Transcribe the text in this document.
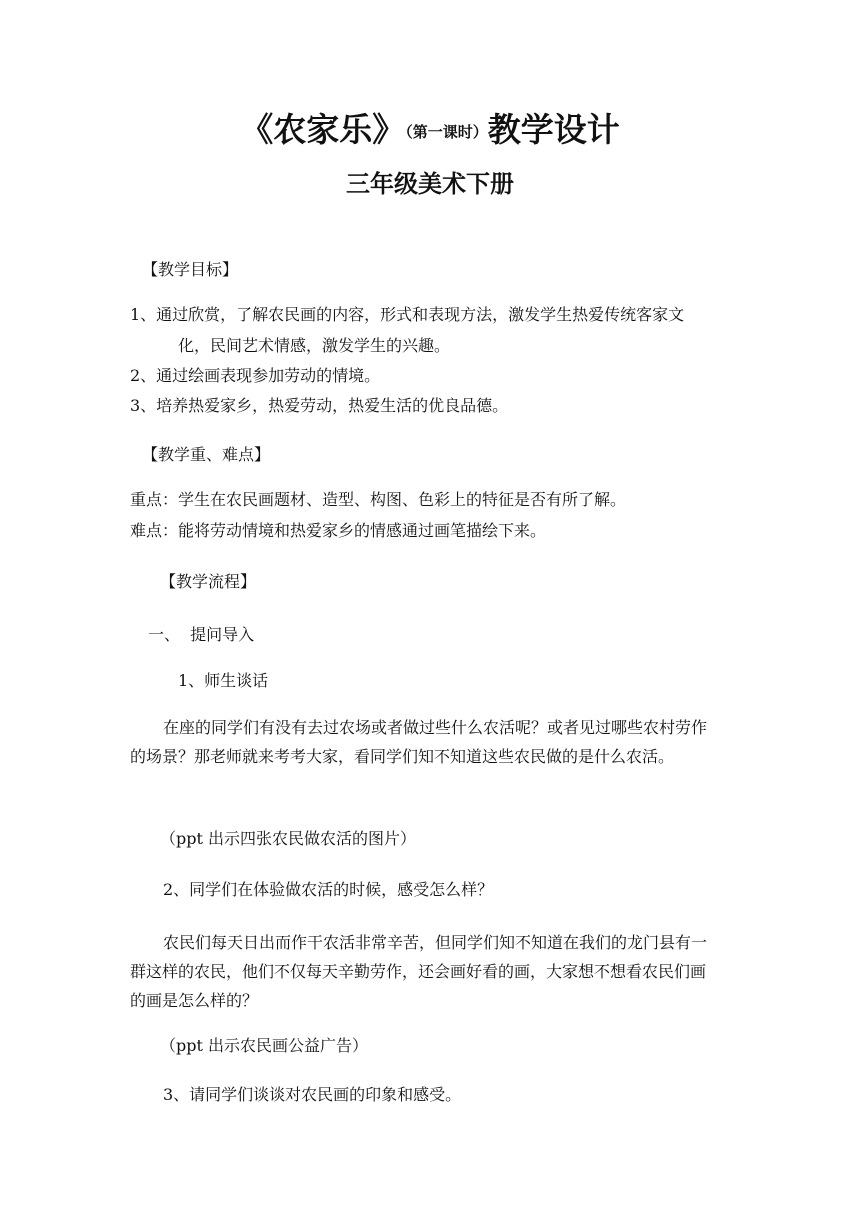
《农家乐》（第一课时）教学设计
三年级美术下册

【教学目标】

1、通过欣赏，了解农民画的内容，形式和表现方法，激发学生热爱传统客家文

化，民间艺术情感，激发学生的兴趣。

2、通过绘画表现参加劳动的情境。

3、培养热爱家乡，热爱劳动，热爱生活的优良品德。

【教学重、难点】

重点：学生在农民画题材、造型、构图、色彩上的特征是否有所了解。

难点：能将劳动情境和热爱家乡的情感通过画笔描绘下来。

【教学流程】

一、  提问导入

1、师生谈话

在座的同学们有没有去过农场或者做过些什么农活呢？或者见过哪些农村劳作的场景？那老师就来考考大家，看同学们知不知道这些农民做的是什么农活。

（ppt 出示四张农民做农活的图片）

2、同学们在体验做农活的时候，感受怎么样？

农民们每天日出而作干农活非常辛苦，但同学们知不知道在我们的龙门县有一群这样的农民，他们不仅每天辛勤劳作，还会画好看的画，大家想不想看农民们画的画是怎么样的？

（ppt 出示农民画公益广告）

3、请同学们谈谈对农民画的印象和感受。
